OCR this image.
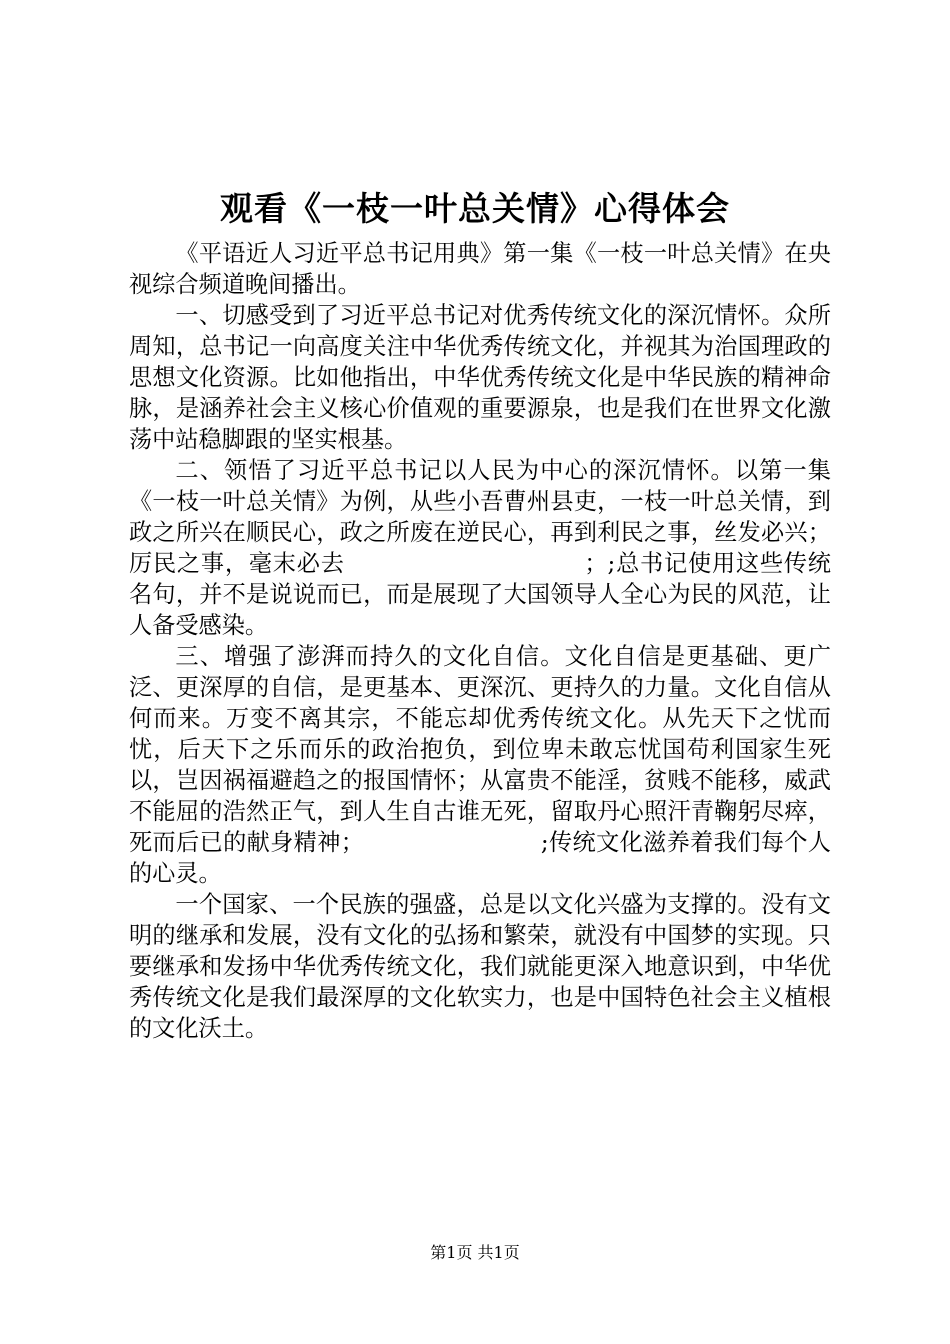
观看《一枝一叶总关情》心得体会

《平语近人习近平总书记用典》第一集《一枝一叶总关情》在央视综合频道晚间播出。

一、切感受到了习近平总书记对优秀传统文化的深沉情怀。众所周知，总书记一向高度关注中华优秀传统文化，并视其为治国理政的思想文化资源。比如他指出，中华优秀传统文化是中华民族的精神命脉，是涵养社会主义核心价值观的重要源泉，也是我们在世界文化激荡中站稳脚跟的坚实根基。

二、领悟了习近平总书记以人民为中心的深沉情怀。以第一集《一枝一叶总关情》为例，从些小吾曹州县吏，一枝一叶总关情，到政之所兴在顺民心，政之所废在逆民心，再到利民之事，丝发必兴；厉民之事，毫末必去　　　　　　　　　　；;总书记使用这些传统名句，并不是说说而已，而是展现了大国领导人全心为民的风范，让人备受感染。

三、增强了澎湃而持久的文化自信。文化自信是更基础、更广泛、更深厚的自信，是更基本、更深沉、更持久的力量。文化自信从何而来。万变不离其宗，不能忘却优秀传统文化。从先天下之忧而忧，后天下之乐而乐的政治抱负，到位卑未敢忘忧国苟利国家生死以，岂因祸福避趋之的报国情怀；从富贵不能淫，贫贱不能移，威武不能屈的浩然正气，到人生自古谁无死，留取丹心照汗青鞠躬尽瘁，死而后已的献身精神；　　　　　　　　;传统文化滋养着我们每个人的心灵。

一个国家、一个民族的强盛，总是以文化兴盛为支撑的。没有文明的继承和发展，没有文化的弘扬和繁荣，就没有中国梦的实现。只要继承和发扬中华优秀传统文化，我们就能更深入地意识到，中华优秀传统文化是我们最深厚的文化软实力，也是中国特色社会主义植根的文化沃土。

第1页 共1页
